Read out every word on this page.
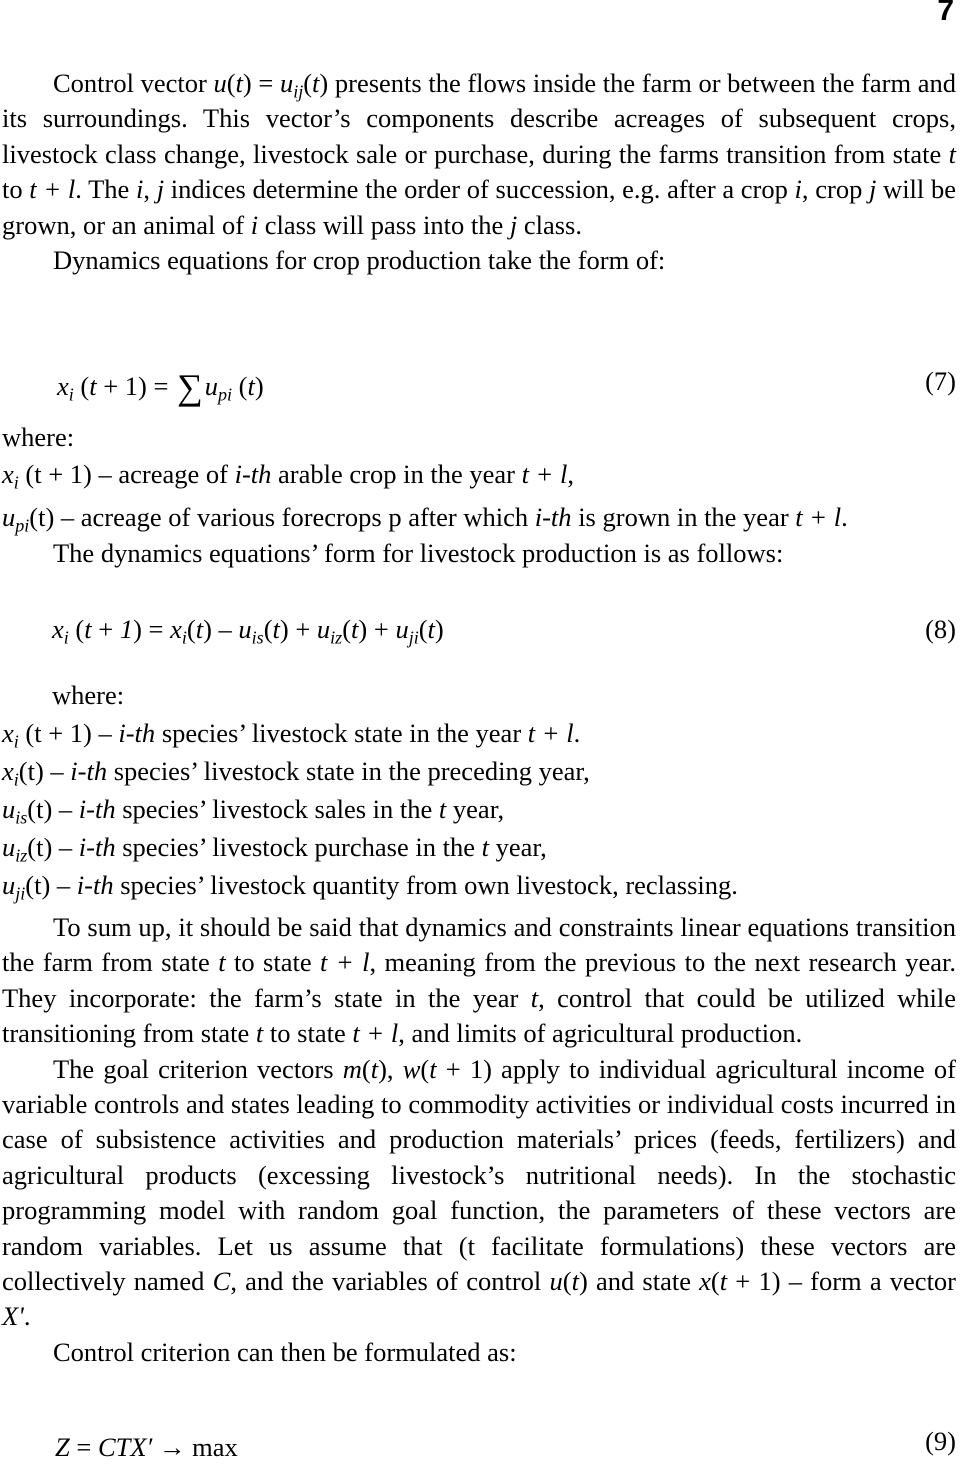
7

Control vector $u(t) = u_{ij}(t)$ presents the flows inside the farm or between the farm and its surroundings. This vector’s components describe acreages of subsequent crops, livestock class change, livestock sale or purchase, during the farms transition from state t to t + l. The i, j indices determine the order of succession, e.g. after a crop i, crop j will be grown, or an animal of i class will pass into the j class.

Dynamics equations for crop production take the form of:

$x_i$ $(t + 1) = \sum u_{pi}$ (t)	(7)
where:
$x_i$ (t + 1) – acreage of i-th arable crop in the year t + l,
$u_{pi}(t)$ – acreage of various forecrops p after which i-th is grown in the year t + l.
The dynamics equations’ form for livestock production is as follows:
$x_i$ $(t + 1) = x_i(t) - u_{is}(t) + u_{iz}(t) + u_{ji}(t)$	(8)
where:
$x_i$ (t + 1) – i-th species’ livestock state in the year t + l.
$x_i(t) - i-th$ species’ livestock state in the preceding year,
$u_{is}(t) - i-th$ species’ livestock sales in the t year,
$u_{iz}(t) - i-th$ species’ livestock purchase in the t year,
$u_{ji}(t) - i-th$ species’ livestock quantity from own livestock, reclassing.

To sum up, it should be said that dynamics and constraints linear equations transition the farm from state t to state t + l, meaning from the previous to the next research year. They incorporate: the farm’s state in the year t, control that could be utilized while transitioning from state t to state t + l, and limits of agricultural production.

The goal criterion vectors m(t), w(t + 1) apply to individual agricultural income of variable controls and states leading to commodity activities or individual costs incurred in case of subsistence activities and production materials’ prices (feeds, fertilizers) and agricultural products (excessing livestock’s nutritional needs). In the stochastic programming model with random goal function, the parameters of these vectors are random variables. Let us assume that (t facilitate formulations) these vectors are collectively named C, and the variables of control u(t) and state x(t + 1) – form a vector X'.

Control criterion can then be formulated as:

Z = CTX′ → max	(9)
